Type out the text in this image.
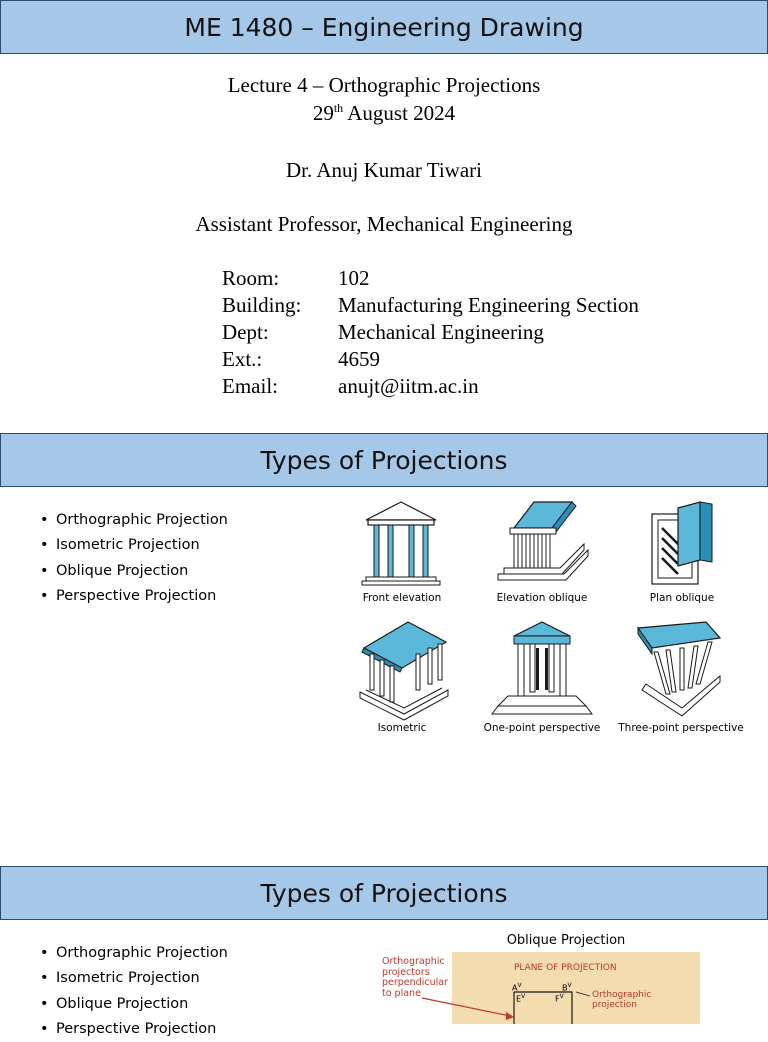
ME 1480 – Engineering Drawing
Lecture 4 – Orthographic Projections
29th August 2024
Dr. Anuj Kumar Tiwari
Assistant Professor, Mechanical Engineering
Room:	102
Building: Manufacturing Engineering Section
Dept:	Mechanical Engineering
Ext.:	4659
Email:	anujt@iitm.ac.in
Types of Projections
• Orthographic Projection
• Isometric Projection
• Oblique Projection
• Perspective Projection	Front elevation	Elevation oblique	Plan oblique
Isometric	One-point perspective Three-point perspective
Types of Projections
• Orthographic Projection
• Isometric Projection
• Oblique Projection
• Perspective Projection
Oblique Projection
PLANE OF PROJECTION
Orthographic
projection
$A^V$	$B^V$
$E^V$	$F^V$
Orthographic
projectors
perpendicular
to plane
